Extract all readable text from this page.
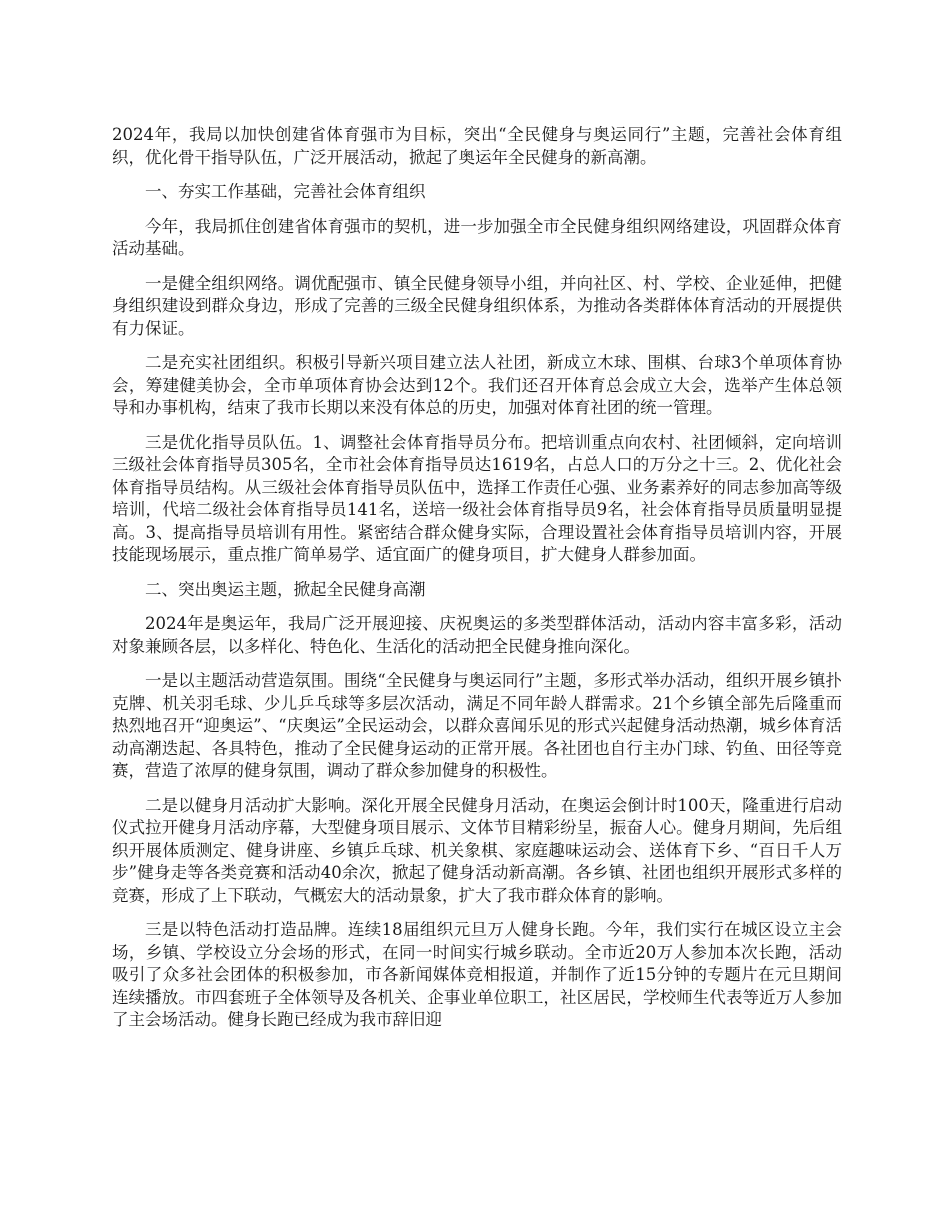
2024年，我局以加快创建省体育强市为目标，突出“全民健身与奥运同行”主题，完善社会体育组织，优化骨干指导队伍，广泛开展活动，掀起了奥运年全民健身的新高潮。

一、夯实工作基础，完善社会体育组织

今年，我局抓住创建省体育强市的契机，进一步加强全市全民健身组织网络建设，巩固群众体育活动基础。

一是健全组织网络。调优配强市、镇全民健身领导小组，并向社区、村、学校、企业延伸，把健身组织建设到群众身边，形成了完善的三级全民健身组织体系，为推动各类群体体育活动的开展提供有力保证。

二是充实社团组织。积极引导新兴项目建立法人社团，新成立木球、围棋、台球3个单项体育协会，筹建健美协会，全市单项体育协会达到12个。我们还召开体育总会成立大会，选举产生体总领导和办事机构，结束了我市长期以来没有体总的历史，加强对体育社团的统一管理。

三是优化指导员队伍。1、调整社会体育指导员分布。把培训重点向农村、社团倾斜，定向培训三级社会体育指导员305名，全市社会体育指导员达1619名，占总人口的万分之十三。2、优化社会体育指导员结构。从三级社会体育指导员队伍中，选择工作责任心强、业务素养好的同志参加高等级培训，代培二级社会体育指导员141名，送培一级社会体育指导员9名，社会体育指导员质量明显提高。3、提高指导员培训有用性。紧密结合群众健身实际，合理设置社会体育指导员培训内容，开展技能现场展示，重点推广简单易学、适宜面广的健身项目，扩大健身人群参加面。

二、突出奥运主题，掀起全民健身高潮

2024年是奥运年，我局广泛开展迎接、庆祝奥运的多类型群体活动，活动内容丰富多彩，活动对象兼顾各层，以多样化、特色化、生活化的活动把全民健身推向深化。

一是以主题活动营造氛围。围绕“全民健身与奥运同行”主题，多形式举办活动，组织开展乡镇扑克牌、机关羽毛球、少儿乒乓球等多层次活动，满足不同年龄人群需求。21个乡镇全部先后隆重而热烈地召开“迎奥运”、“庆奥运”全民运动会，以群众喜闻乐见的形式兴起健身活动热潮，城乡体育活动高潮迭起、各具特色，推动了全民健身运动的正常开展。各社团也自行主办门球、钓鱼、田径等竞赛，营造了浓厚的健身氛围，调动了群众参加健身的积极性。

二是以健身月活动扩大影响。深化开展全民健身月活动，在奥运会倒计时100天，隆重进行启动仪式拉开健身月活动序幕，大型健身项目展示、文体节目精彩纷呈，振奋人心。健身月期间，先后组织开展体质测定、健身讲座、乡镇乒乓球、机关象棋、家庭趣味运动会、送体育下乡、“百日千人万步”健身走等各类竞赛和活动40余次，掀起了健身活动新高潮。各乡镇、社团也组织开展形式多样的竞赛，形成了上下联动，气概宏大的活动景象，扩大了我市群众体育的影响。

三是以特色活动打造品牌。连续18届组织元旦万人健身长跑。今年，我们实行在城区设立主会场，乡镇、学校设立分会场的形式，在同一时间实行城乡联动。全市近20万人参加本次长跑，活动吸引了众多社会团体的积极参加，市各新闻媒体竞相报道，并制作了近15分钟的专题片在元旦期间连续播放。市四套班子全体领导及各机关、企事业单位职工，社区居民，学校师生代表等近万人参加了主会场活动。健身长跑已经成为我市辞旧迎
